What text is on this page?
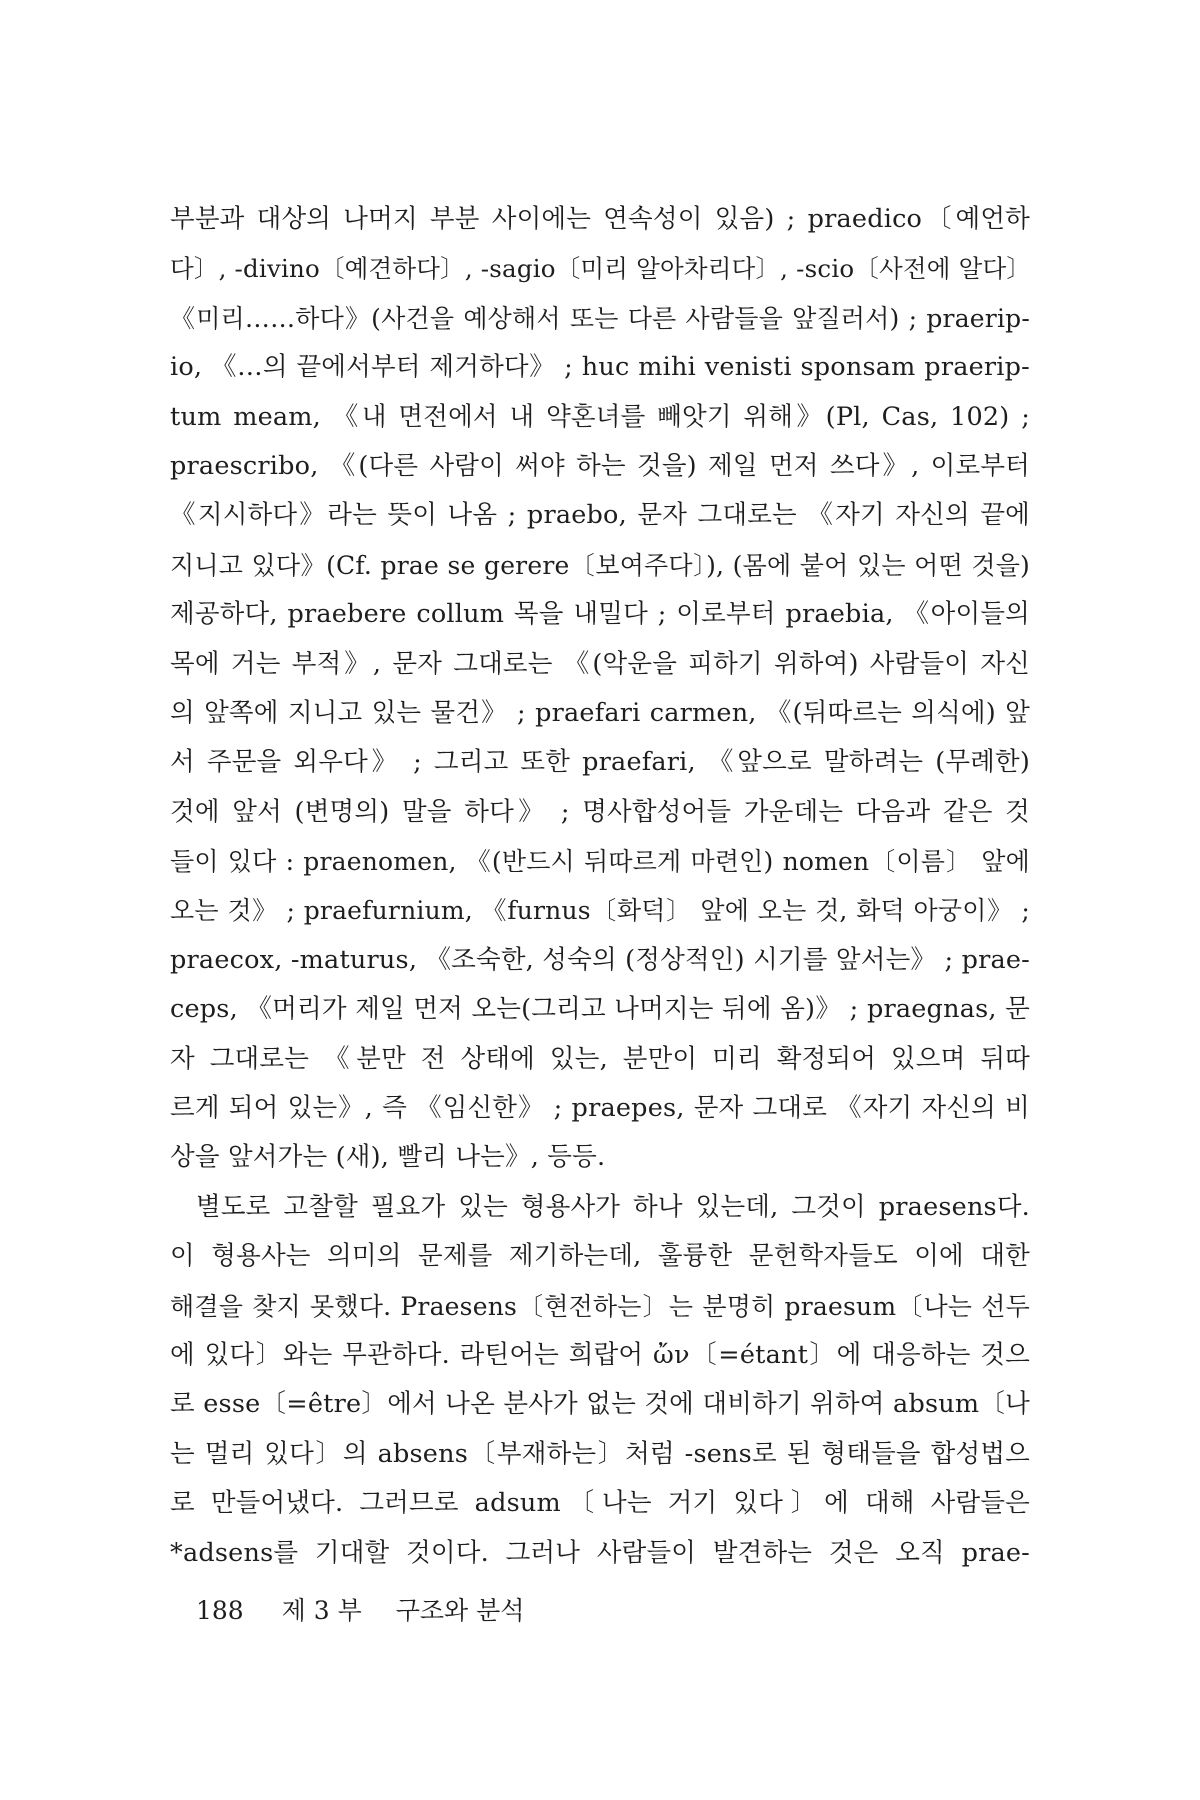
부분과 대상의 나머지 부분 사이에는 연속성이 있음) ; praedico〔예언하
다〕, -divino〔예견하다〕, -sagio〔미리 알아차리다〕, -scio〔사전에 알다〕
《미리……하다》(사건을 예상해서 또는 다른 사람들을 앞질러서) ; praerip-
io, 《…의 끝에서부터 제거하다》 ; huc mihi venisti sponsam praerip-
tum meam, 《내 면전에서 내 약혼녀를 빼앗기 위해》(Pl, Cas, 102) ;
praescribo, 《(다른 사람이 써야 하는 것을) 제일 먼저 쓰다》, 이로부터
《지시하다》라는 뜻이 나옴 ; praebo, 문자 그대로는 《자기 자신의 끝에
지니고 있다》(Cf. prae se gerere〔보여주다〕), (몸에 붙어 있는 어떤 것을)
제공하다, praebere collum 목을 내밀다 ; 이로부터 praebia, 《아이들의
목에 거는 부적》, 문자 그대로는 《(악운을 피하기 위하여) 사람들이 자신
의 앞쪽에 지니고 있는 물건》 ; praefari carmen, 《(뒤따르는 의식에) 앞
서 주문을 외우다》 ; 그리고 또한 praefari, 《앞으로 말하려는 (무례한)
것에 앞서 (변명의) 말을 하다》 ; 명사합성어들 가운데는 다음과 같은 것
들이 있다 : praenomen, 《(반드시 뒤따르게 마련인) nomen〔이름〕 앞에
오는 것》 ; praefurnium, 《furnus〔화덕〕 앞에 오는 것, 화덕 아궁이》 ;
praecox, -maturus, 《조숙한, 성숙의 (정상적인) 시기를 앞서는》 ; prae-
ceps, 《머리가 제일 먼저 오는(그리고 나머지는 뒤에 옴)》 ; praegnas, 문
자 그대로는 《분만 전 상태에 있는, 분만이 미리 확정되어 있으며 뒤따
르게 되어 있는》, 즉 《임신한》 ; praepes, 문자 그대로 《자기 자신의 비
상을 앞서가는 (새), 빨리 나는》, 등등.
별도로 고찰할 필요가 있는 형용사가 하나 있는데, 그것이 praesens다.
이 형용사는 의미의 문제를 제기하는데, 훌륭한 문헌학자들도 이에 대한
해결을 찾지 못했다. Praesens〔현전하는〕는 분명히 praesum〔나는 선두
에 있다〕와는 무관하다. 라틴어는 희랍어 ὤν〔=étant〕에 대응하는 것으
로 esse〔=être〕에서 나온 분사가 없는 것에 대비하기 위하여 absum〔나
는 멀리 있다〕의 absens〔부재하는〕처럼 -sens로 된 형태들을 합성법으
로 만들어냈다. 그러므로 adsum〔나는 거기 있다〕에 대해 사람들은
*adsens를 기대할 것이다. 그러나 사람들이 발견하는 것은 오직 prae-
188 제 3 부 구조와 분석
